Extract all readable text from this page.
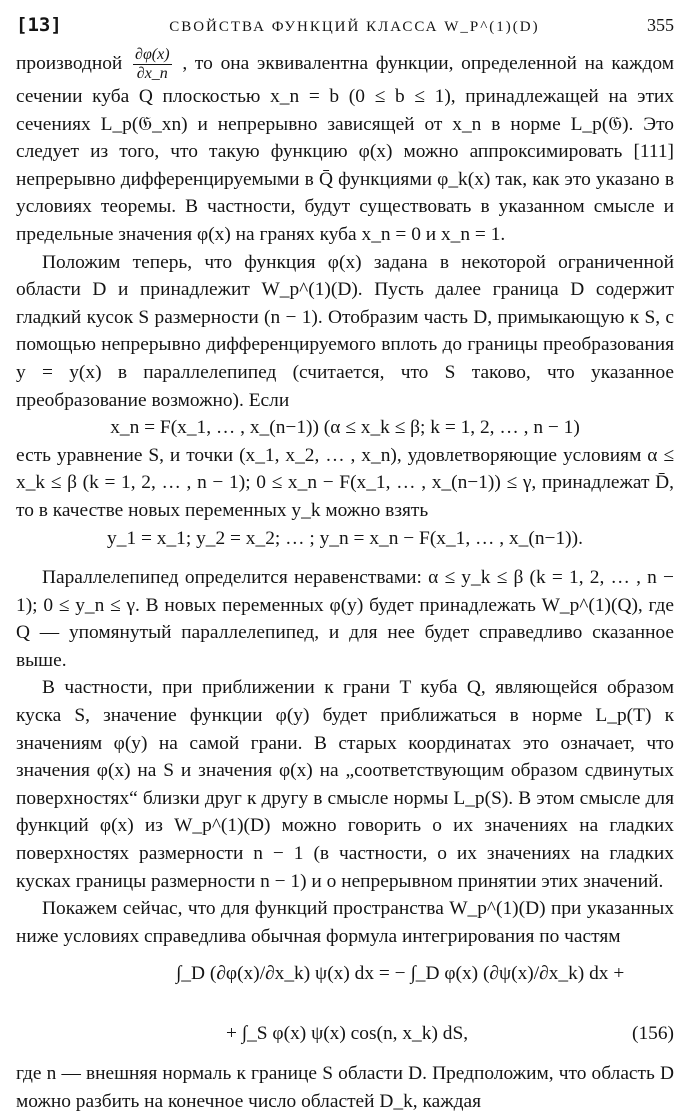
[13]	СВОЙСТВА ФУНКЦИЙ КЛАССА W_P^(1)(D)	355

производной $\frac{\partial\varphi(x)}{\partial x\_n}$ , то она эквивалентна функции, определенной на каждом сечении куба Q плоскостью x_n = b (0 ≤ b ≤ 1), принадлежащей на этих сечениях L_p(𝔊_xn) и непрерывно зависящей от x_n в норме L_p(𝔊). Это следует из того, что такую функцию φ(x) можно аппроксимировать [111] непрерывно дифференцируемыми в Q̄ функциями φ_k(x) так, как это указано в условиях теоремы. В частности, будут существовать в указанном смысле и предельные значения φ(x) на гранях куба x_n = 0 и x_n = 1.

Положим теперь, что функция φ(x) задана в некоторой ограниченной области D и принадлежит W_p^(1)(D). Пусть далее граница D содержит гладкий кусок S размерности (n − 1). Отобразим часть D, примыкающую к S, с помощью непрерывно дифференцируемого вплоть до границы преобразования y = y(x) в параллелепипед (считается, что S таково, что указанное преобразование возможно). Если

x_n = F(x_1, … , x_(n−1)) (α ≤ x_k ≤ β; k = 1, 2, … , n − 1)

есть уравнение S, и точки (x_1, x_2, … , x_n), удовлетворяющие условиям α ≤ x_k ≤ β (k = 1, 2, … , n − 1); 0 ≤ x_n − F(x_1, … , x_(n−1)) ≤ γ, принадлежат D̄, то в качестве новых переменных y_k можно взять

y_1 = x_1; y_2 = x_2; … ; y_n = x_n − F(x_1, … , x_(n−1)).

Параллелепипед определится неравенствами: α ≤ y_k ≤ β (k = 1, 2, … , n − 1); 0 ≤ y_n ≤ γ. В новых переменных φ(y) будет принадлежать W_p^(1)(Q), где Q — упомянутый параллелепипед, и для нее будет справедливо сказанное выше.

В частности, при приближении к грани T куба Q, являющейся образом куска S, значение функции φ(y) будет приближаться в норме L_p(T) к значениям φ(y) на самой грани. В старых координатах это означает, что значения φ(x) на S и значения φ(x) на „соответствующим образом сдвинутых поверхностях“ близки друг к другу в смысле нормы L_p(S). В этом смысле для функций φ(x) из W_p^(1)(D) можно говорить о их значениях на гладких поверхностях размерности n − 1 (в частности, о их значениях на гладких кусках границы размерности n − 1) и о непрерывном принятии этих значений.

Покажем сейчас, что для функций пространства W_p^(1)(D) при указанных ниже условиях справедлива обычная формула интегрирования по частям

∫_D (∂φ(x)/∂x_k) ψ(x) dx = − ∫_D φ(x) (∂ψ(x)/∂x_k) dx +
+ ∫_S φ(x) ψ(x) cos(n, x_k) dS,	(156)

где n — внешняя нормаль к границе S области D. Предположим, что область D можно разбить на конечное число областей D_k, каждая
